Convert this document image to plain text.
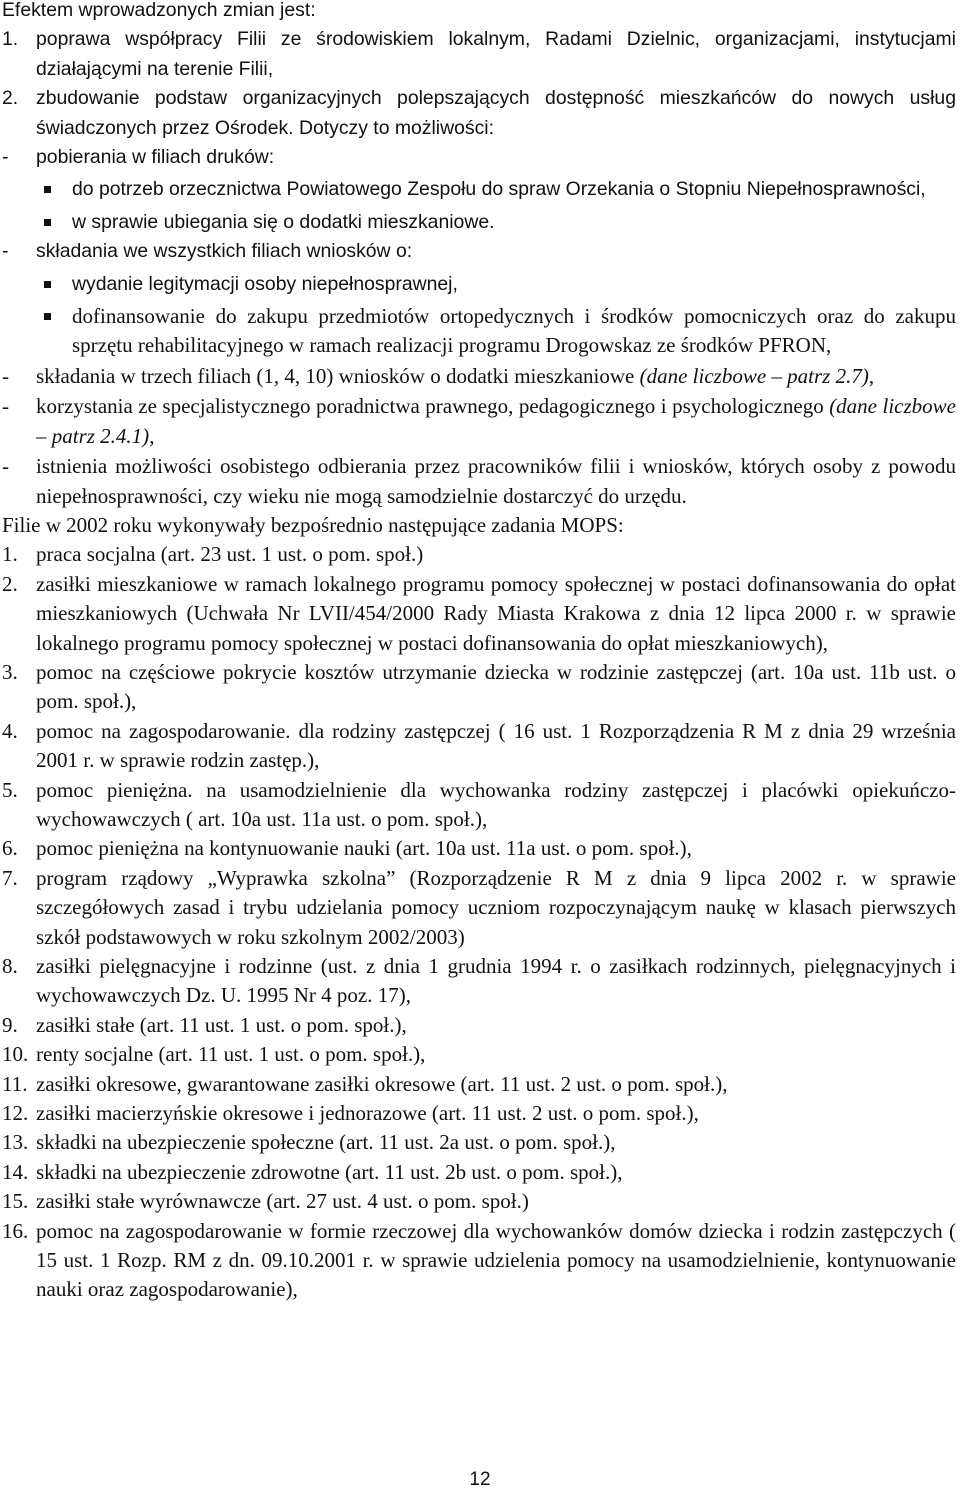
Efektem wprowadzonych zmian jest:

1. poprawa współpracy Filii ze środowiskiem lokalnym, Radami Dzielnic, organizacjami, instytucjami działającymi na terenie Filii,
2. zbudowanie podstaw organizacyjnych polepszających dostępność mieszkańców do nowych usług świadczonych przez Ośrodek. Dotyczy to możliwości:
-	pobierania w filiach druków:
do potrzeb orzecznictwa Powiatowego Zespołu do spraw Orzekania o Stopniu Niepełnosprawności,
w sprawie ubiegania się o dodatki mieszkaniowe.
-	składania we wszystkich filiach wniosków o:
wydanie legitymacji osoby niepełnosprawnej,
dofinansowanie do zakupu przedmiotów ortopedycznych i środków pomocniczych oraz do zakupu sprzętu rehabilitacyjnego w ramach realizacji programu Drogowskaz ze środków PFRON,
-	składania w trzech filiach (1, 4, 10) wniosków o dodatki mieszkaniowe (dane liczbowe – patrz 2.7),
-	korzystania ze specjalistycznego poradnictwa prawnego, pedagogicznego i psychologicznego (dane liczbowe – patrz 2.4.1),
-	istnienia możliwości osobistego odbierania przez pracowników filii i wniosków, których osoby z powodu niepełnosprawności, czy wieku nie mogą samodzielnie dostarczyć do urzędu.

Filie w 2002 roku wykonywały bezpośrednio następujące zadania MOPS:

1. praca socjalna (art. 23 ust. 1 ust. o pom. społ.)
2. zasiłki mieszkaniowe w ramach lokalnego programu pomocy społecznej w postaci dofinansowania do opłat mieszkaniowych (Uchwała Nr LVII/454/2000 Rady Miasta Krakowa z dnia 12 lipca 2000 r. w sprawie lokalnego programu pomocy społecznej w postaci dofinansowania do opłat mieszkaniowych),
3. pomoc na częściowe pokrycie kosztów utrzymanie dziecka w rodzinie zastępczej (art. 10a ust. 11b ust. o pom. społ.),
4. pomoc na zagospodarowanie. dla rodziny zastępczej ( 16 ust. 1 Rozporządzenia R M z dnia 29 września 2001 r. w sprawie rodzin zastęp.),
5. pomoc pieniężna. na usamodzielnienie dla wychowanka rodziny zastępczej i placówki opiekuńczo- wychowawczych ( art. 10a ust. 11a ust. o pom. społ.),
6. pomoc pieniężna na kontynuowanie nauki (art. 10a ust. 11a ust. o pom. społ.),
7. program rządowy „Wyprawka szkolna” (Rozporządzenie R M z dnia 9 lipca 2002 r. w sprawie szczegółowych zasad i trybu udzielania pomocy uczniom rozpoczynającym naukę w klasach pierwszych szkół podstawowych w roku szkolnym 2002/2003)
8. zasiłki pielęgnacyjne i rodzinne (ust. z dnia 1 grudnia 1994 r. o zasiłkach rodzinnych, pielęgnacyjnych i wychowawczych Dz. U. 1995 Nr 4 poz. 17),
9. zasiłki stałe (art. 11 ust. 1 ust. o pom. społ.),
10. renty socjalne (art. 11 ust. 1 ust. o pom. społ.),
11. zasiłki okresowe, gwarantowane zasiłki okresowe (art. 11 ust. 2 ust. o pom. społ.),
12. zasiłki macierzyńskie okresowe i jednorazowe (art. 11 ust. 2 ust. o pom. społ.),
13. składki na ubezpieczenie społeczne (art. 11 ust. 2a ust. o pom. społ.),
14. składki na ubezpieczenie zdrowotne (art. 11 ust. 2b ust. o pom. społ.),
15. zasiłki stałe wyrównawcze (art. 27 ust. 4 ust. o pom. społ.)
16. pomoc na zagospodarowanie w formie rzeczowej dla wychowanków domów dziecka i rodzin zastępczych ( 15 ust. 1 Rozp. RM z dn. 09.10.2001 r. w sprawie udzielenia pomocy na usamodzielnienie, kontynuowanie nauki oraz zagospodarowanie),
12
